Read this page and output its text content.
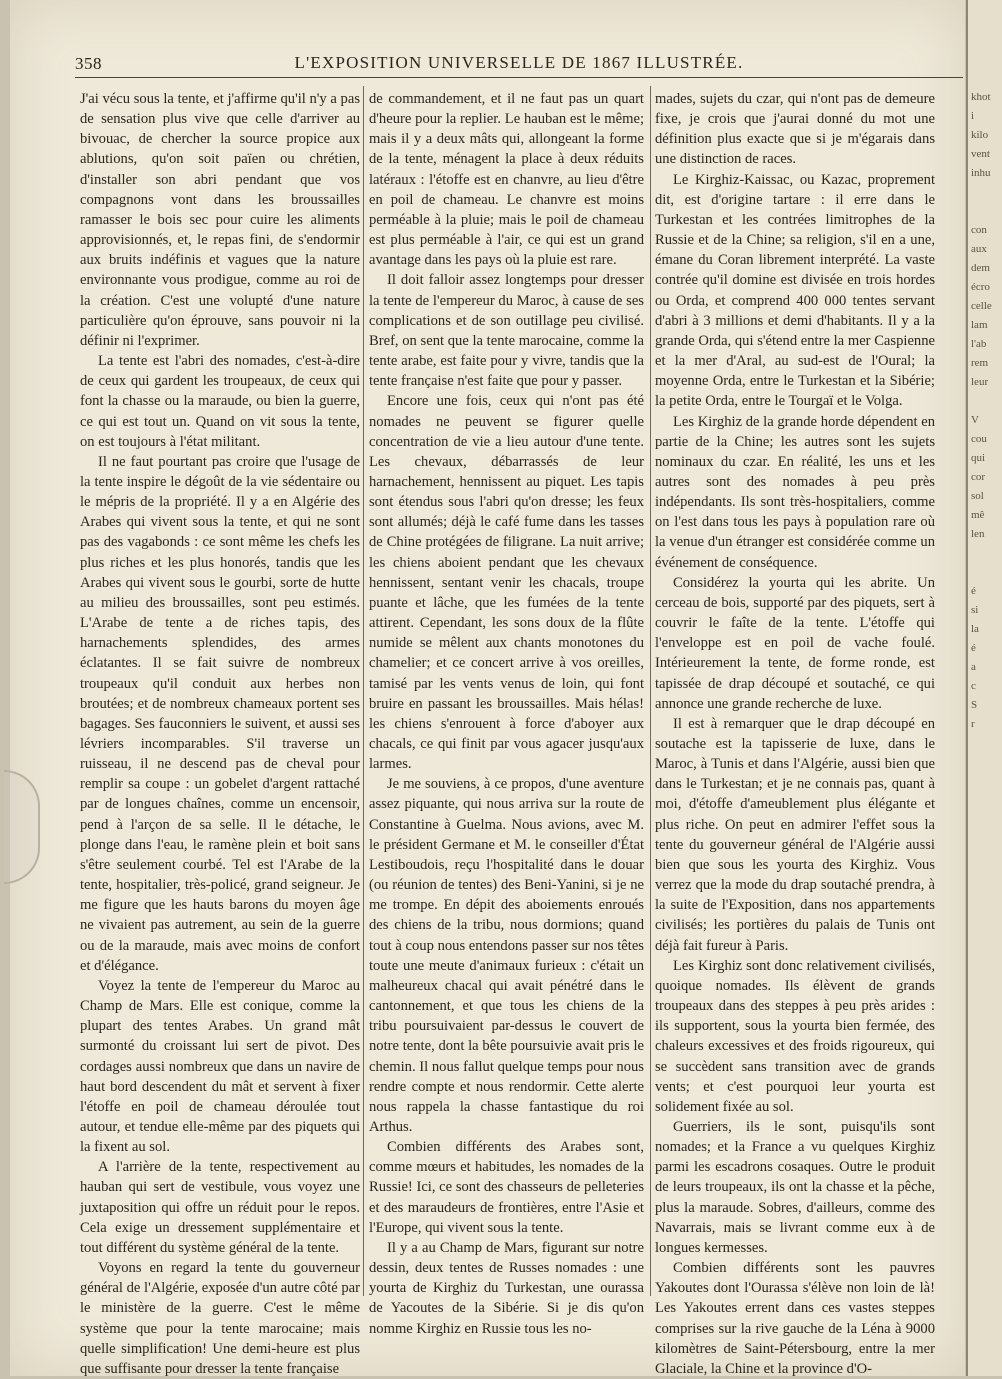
358	L'EXPOSITION UNIVERSELLE DE 1867 ILLUSTRÉE.

J'ai vécu sous la tente, et j'affirme qu'il n'y a pas de sensation plus vive que celle d'arriver au bivouac, de chercher la source propice aux ablutions, qu'on soit païen ou chrétien, d'installer son abri pendant que vos compagnons vont dans les broussailles ramasser le bois sec pour cuire les aliments approvisionnés, et, le repas fini, de s'endormir aux bruits indéfinis et vagues que la nature environnante vous prodigue, comme au roi de la création. C'est une volupté d'une nature particulière qu'on éprouve, sans pouvoir ni la définir ni l'exprimer.

La tente est l'abri des nomades, c'est-à-dire de ceux qui gardent les troupeaux, de ceux qui font la chasse ou la maraude, ou bien la guerre, ce qui est tout un. Quand on vit sous la tente, on est toujours à l'état militant.

Il ne faut pourtant pas croire que l'usage de la tente inspire le dégoût de la vie sédentaire ou le mépris de la propriété. Il y a en Algérie des Arabes qui vivent sous la tente, et qui ne sont pas des vagabonds : ce sont même les chefs les plus riches et les plus honorés, tandis que les Arabes qui vivent sous le gourbi, sorte de hutte au milieu des broussailles, sont peu estimés. L'Arabe de tente a de riches tapis, des harnachements splendides, des armes éclatantes. Il se fait suivre de nombreux troupeaux qu'il conduit aux herbes non broutées; et de nombreux chameaux portent ses bagages. Ses fauconniers le suivent, et aussi ses lévriers incomparables. S'il traverse un ruisseau, il ne descend pas de cheval pour remplir sa coupe : un gobelet d'argent rattaché par de longues chaînes, comme un encensoir, pend à l'arçon de sa selle. Il le détache, le plonge dans l'eau, le ramène plein et boit sans s'être seulement courbé. Tel est l'Arabe de la tente, hospitalier, très-policé, grand seigneur. Je me figure que les hauts barons du moyen âge ne vivaient pas autrement, au sein de la guerre ou de la maraude, mais avec moins de confort et d'élégance.

Voyez la tente de l'empereur du Maroc au Champ de Mars. Elle est conique, comme la plupart des tentes Arabes. Un grand mât surmonté du croissant lui sert de pivot. Des cordages aussi nombreux que dans un navire de haut bord descendent du mât et servent à fixer l'étoffe en poil de chameau déroulée tout autour, et tendue elle-même par des piquets qui la fixent au sol.

A l'arrière de la tente, respectivement au hauban qui sert de vestibule, vous voyez une juxtaposition qui offre un réduit pour le repos. Cela exige un dressement supplémentaire et tout différent du système général de la tente.

Voyons en regard la tente du gouverneur général de l'Algérie, exposée d'un autre côté par le ministère de la guerre. C'est le même système que pour la tente marocaine; mais quelle simplification! Une demi-heure est plus que suffisante pour dresser la tente française

de commandement, et il ne faut pas un quart d'heure pour la replier. Le hauban est le même; mais il y a deux mâts qui, allongeant la forme de la tente, ménagent la place à deux réduits latéraux : l'étoffe est en chanvre, au lieu d'être en poil de chameau. Le chanvre est moins perméable à la pluie; mais le poil de chameau est plus perméable à l'air, ce qui est un grand avantage dans les pays où la pluie est rare.

Il doit falloir assez longtemps pour dresser la tente de l'empereur du Maroc, à cause de ses complications et de son outillage peu civilisé. Bref, on sent que la tente marocaine, comme la tente arabe, est faite pour y vivre, tandis que la tente française n'est faite que pour y passer.

Encore une fois, ceux qui n'ont pas été nomades ne peuvent se figurer quelle concentration de vie a lieu autour d'une tente. Les chevaux, débarrassés de leur harnachement, hennissent au piquet. Les tapis sont étendus sous l'abri qu'on dresse; les feux sont allumés; déjà le café fume dans les tasses de Chine protégées de filigrane. La nuit arrive; les chiens aboient pendant que les chevaux hennissent, sentant venir les chacals, troupe puante et lâche, que les fumées de la tente attirent. Cependant, les sons doux de la flûte numide se mêlent aux chants monotones du chamelier; et ce concert arrive à vos oreilles, tamisé par les vents venus de loin, qui font bruire en passant les broussailles. Mais hélas! les chiens s'enrouent à force d'aboyer aux chacals, ce qui finit par vous agacer jusqu'aux larmes.

Je me souviens, à ce propos, d'une aventure assez piquante, qui nous arriva sur la route de Constantine à Guelma. Nous avions, avec M. le président Germane et M. le conseiller d'État Lestiboudois, reçu l'hospitalité dans le douar (ou réunion de tentes) des Beni-Yanini, si je ne me trompe. En dépit des aboiements enroués des chiens de la tribu, nous dormions; quand tout à coup nous entendons passer sur nos têtes toute une meute d'animaux furieux : c'était un malheureux chacal qui avait pénétré dans le cantonnement, et que tous les chiens de la tribu poursuivaient par-dessus le couvert de notre tente, dont la bête poursuivie avait pris le chemin. Il nous fallut quelque temps pour nous rendre compte et nous rendormir. Cette alerte nous rappela la chasse fantastique du roi Arthus.

Combien différents des Arabes sont, comme mœurs et habitudes, les nomades de la Russie! Ici, ce sont des chasseurs de pelleteries et des maraudeurs de frontières, entre l'Asie et l'Europe, qui vivent sous la tente.

Il y a au Champ de Mars, figurant sur notre dessin, deux tentes de Russes nomades : une yourta de Kirghiz du Turkestan, une ourassa de Yacoutes de la Sibérie. Si je dis qu'on nomme Kirghiz en Russie tous les no-

mades, sujets du czar, qui n'ont pas de demeure fixe, je crois que j'aurai donné du mot une définition plus exacte que si je m'égarais dans une distinction de races.

Le Kirghiz-Kaissac, ou Kazac, proprement dit, est d'origine tartare : il erre dans le Turkestan et les contrées limitrophes de la Russie et de la Chine; sa religion, s'il en a une, émane du Coran librement interprété. La vaste contrée qu'il domine est divisée en trois hordes ou Orda, et comprend 400 000 tentes servant d'abri à 3 millions et demi d'habitants. Il y a la grande Orda, qui s'étend entre la mer Caspienne et la mer d'Aral, au sud-est de l'Oural; la moyenne Orda, entre le Turkestan et la Sibérie; la petite Orda, entre le Tourgaï et le Volga.

Les Kirghiz de la grande horde dépendent en partie de la Chine; les autres sont les sujets nominaux du czar. En réalité, les uns et les autres sont des nomades à peu près indépendants. Ils sont très-hospitaliers, comme on l'est dans tous les pays à population rare où la venue d'un étranger est considérée comme un événement de conséquence.

Considérez la yourta qui les abrite. Un cerceau de bois, supporté par des piquets, sert à couvrir le faîte de la tente. L'étoffe qui l'enveloppe est en poil de vache foulé. Intérieurement la tente, de forme ronde, est tapissée de drap découpé et soutaché, ce qui annonce une grande recherche de luxe.

Il est à remarquer que le drap découpé en soutache est la tapisserie de luxe, dans le Maroc, à Tunis et dans l'Algérie, aussi bien que dans le Turkestan; et je ne connais pas, quant à moi, d'étoffe d'ameublement plus élégante et plus riche. On peut en admirer l'effet sous la tente du gouverneur général de l'Algérie aussi bien que sous les yourta des Kirghiz. Vous verrez que la mode du drap soutaché prendra, à la suite de l'Exposition, dans nos appartements civilisés; les portières du palais de Tunis ont déjà fait fureur à Paris.

Les Kirghiz sont donc relativement civilisés, quoique nomades. Ils élèvent de grands troupeaux dans des steppes à peu près arides : ils supportent, sous la yourta bien fermée, des chaleurs excessives et des froids rigoureux, qui se succèdent sans transition avec de grands vents; et c'est pourquoi leur yourta est solidement fixée au sol.

Guerriers, ils le sont, puisqu'ils sont nomades; et la France a vu quelques Kirghiz parmi les escadrons cosaques. Outre le produit de leurs troupeaux, ils ont la chasse et la pêche, plus la maraude. Sobres, d'ailleurs, comme des Navarrais, mais se livrant comme eux à de longues kermesses.

Combien différents sont les pauvres Yakoutes dont l'Ourassa s'élève non loin de là! Les Yakoutes errent dans ces vastes steppes comprises sur la rive gauche de la Léna à 9000 kilomètres de Saint-Pétersbourg, entre la mer Glaciale, la Chine et la province d'O-

khot
i
kilo
vent
inhu

con
aux
dem
écro
celle
lam
l'ab
rem
leur

V
cou
qui
cor
sol
mê
len

é
si
la
é
a
c
S
r
